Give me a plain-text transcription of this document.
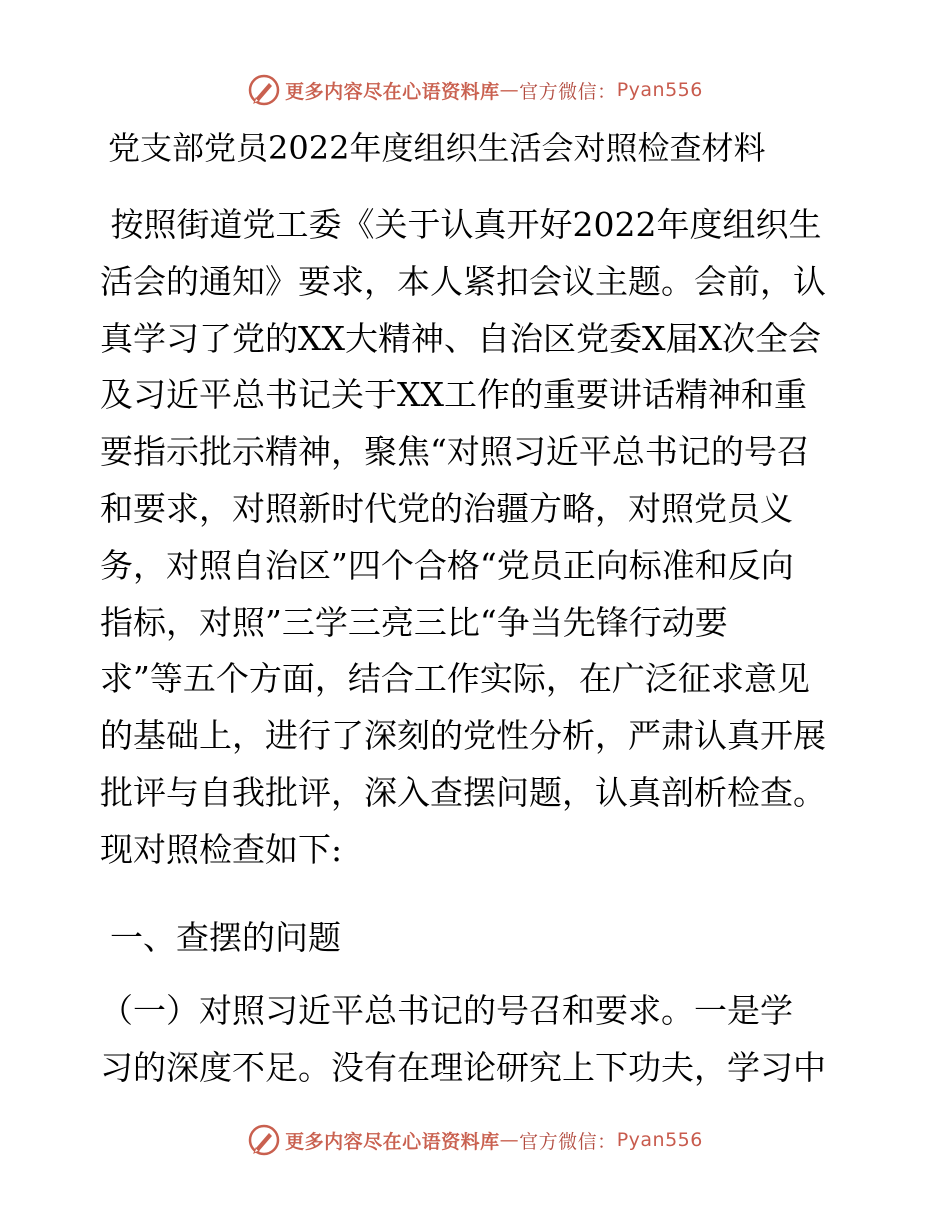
更多内容尽在心语资料库 — 官方微信： Pyan556
党支部党员2022年度组织生活会对照检查材料
按照街道党工委《关于认真开好2022年度组织生
活会的通知》要求，本人紧扣会议主题。会前，认
真学习了党的XX大精神、自治区党委X届X次全会
及习近平总书记关于XX工作的重要讲话精神和重
要指示批示精神，聚焦“对照习近平总书记的号召
和要求，对照新时代党的治疆方略，对照党员义
务，对照自治区”四个合格“党员正向标准和反向
指标，对照”三学三亮三比“争当先锋行动要
求”等五个方面，结合工作实际，在广泛征求意见
的基础上，进行了深刻的党性分析，严肃认真开展
批评与自我批评，深入查摆问题，认真剖析检查。
现对照检查如下:
一、查摆的问题
（一）对照习近平总书记的号召和要求。一是学
习的深度不足。没有在理论研究上下功夫，学习中
更多内容尽在心语资料库 — 官方微信： Pyan556
